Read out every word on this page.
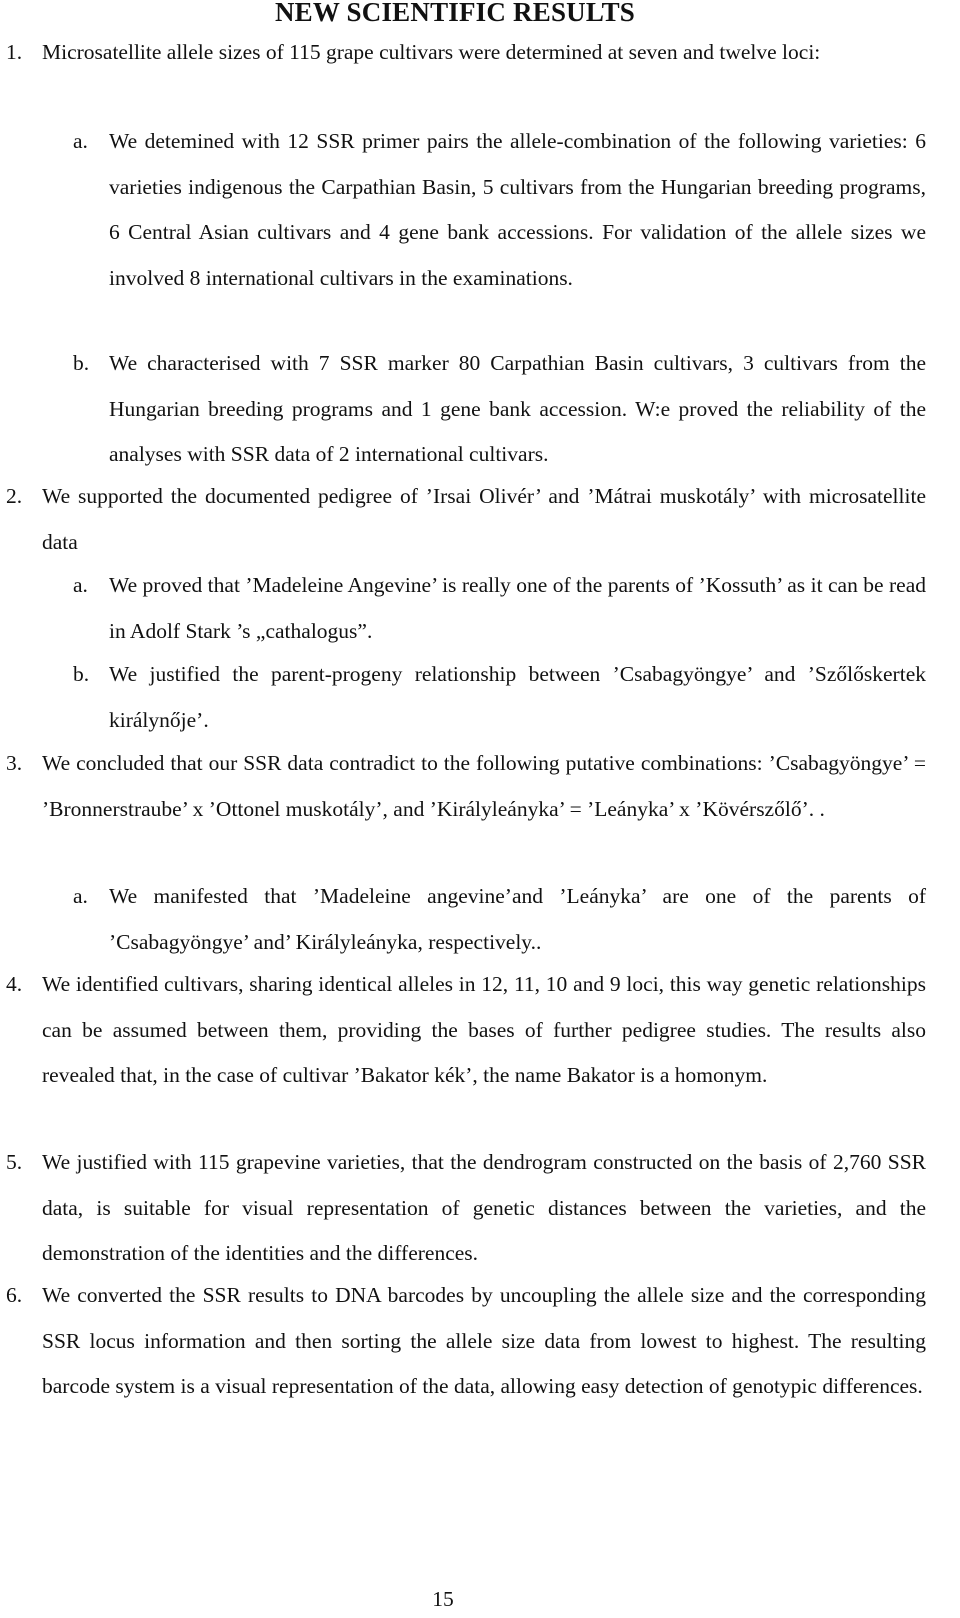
NEW SCIENTIFIC RESULTS
1. Microsatellite allele sizes of 115 grape cultivars were determined at seven and twelve loci:
a. We detemined with 12 SSR primer pairs the allele-combination of the following varieties: 6 varieties indigenous the Carpathian Basin, 5 cultivars from the Hungarian breeding programs, 6 Central Asian cultivars and 4 gene bank accessions. For validation of the allele sizes we involved 8 international cultivars in the examinations.
b. We characterised with 7 SSR marker 80 Carpathian Basin cultivars, 3 cultivars from the Hungarian breeding programs and 1 gene bank accession. W:e proved the reliability of the analyses with SSR data of 2 international cultivars.
2. We supported the documented pedigree of ’Irsai Olivér’ and ’Mátrai muskotály’ with microsatellite data
a. We proved that ’Madeleine Angevine’ is really one of the parents of ’Kossuth’ as it can be read in Adolf Stark ’s „cathalogus”.
b. We justified the parent-progeny relationship between ’Csabagyöngye’ and ’Szőlőskertek királynője’.
3. We concluded that our SSR data contradict to the following putative combinations: ’Csabagyöngye’ = ’Bronnerstraube’ x ’Ottonel muskotály’, and ’Királyleányka’ = ’Leányka’ x ’Kövérszőlő’. .
a. We manifested that ’Madeleine angevine’and ’Leányka’ are one of the parents of ’Csabagyöngye’ and’ Királyleányka, respectively..
4. We identified cultivars, sharing identical alleles in 12, 11, 10 and 9 loci, this way genetic relationships can be assumed between them, providing the bases of further pedigree studies. The results also revealed that, in the case of cultivar ’Bakator kék’, the name Bakator is a homonym.
5. We justified with 115 grapevine varieties, that the dendrogram constructed on the basis of 2,760 SSR data, is suitable for visual representation of genetic distances between the varieties, and the demonstration of the identities and the differences.
6. We converted the SSR results to DNA barcodes by uncoupling the allele size and the corresponding SSR locus information and then sorting the allele size data from lowest to highest. The resulting barcode system is a visual representation of the data, allowing easy detection of genotypic differences.
15
